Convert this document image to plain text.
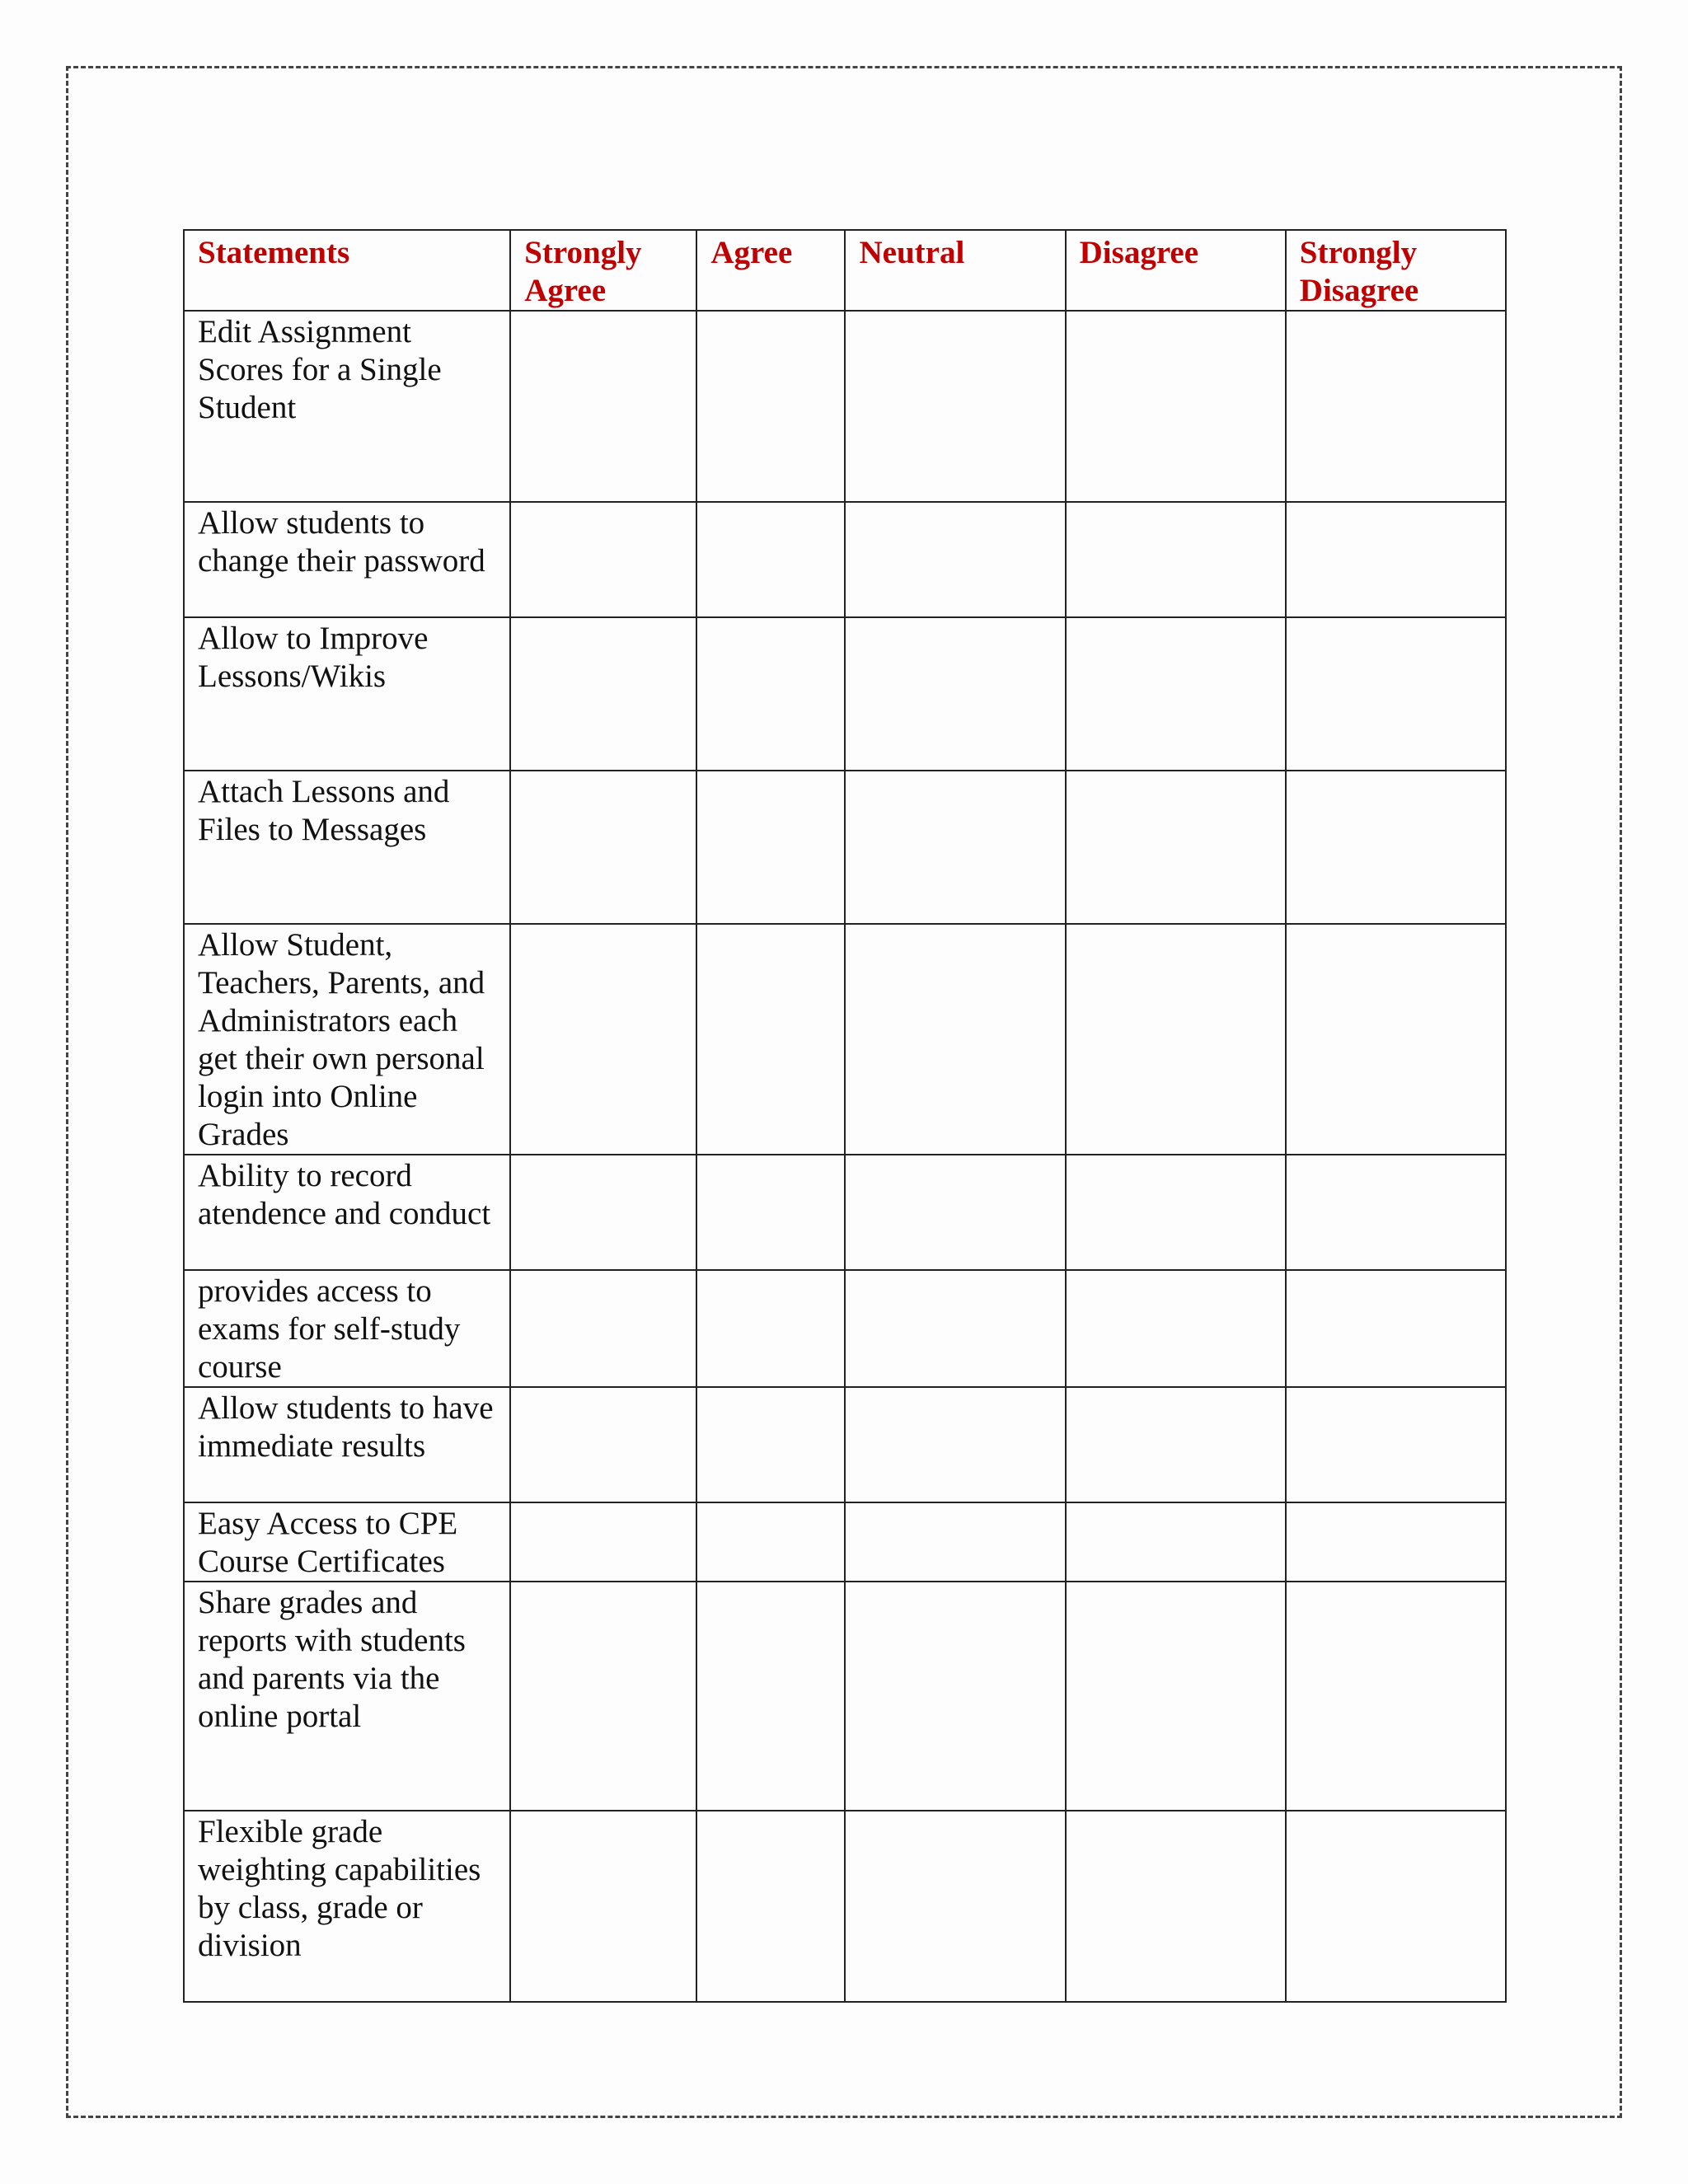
Statements	Strongly Agree	Agree	Neutral	Disagree	Strongly Disagree

Edit Assignment Scores for a Single Student					

Allow students to change their password					

Allow to Improve Lessons/Wikis					

Attach Lessons and Files to Messages					

Allow Student, Teachers, Parents, and Administrators each get their own personal login into Online Grades					

Ability to record atendence and conduct					

provides access to exams for self-study course					

Allow students to have immediate results					

Easy Access to CPE Course Certificates					

Share grades and reports with students and parents via the online portal					

Flexible grade weighting capabilities by class, grade or division					
